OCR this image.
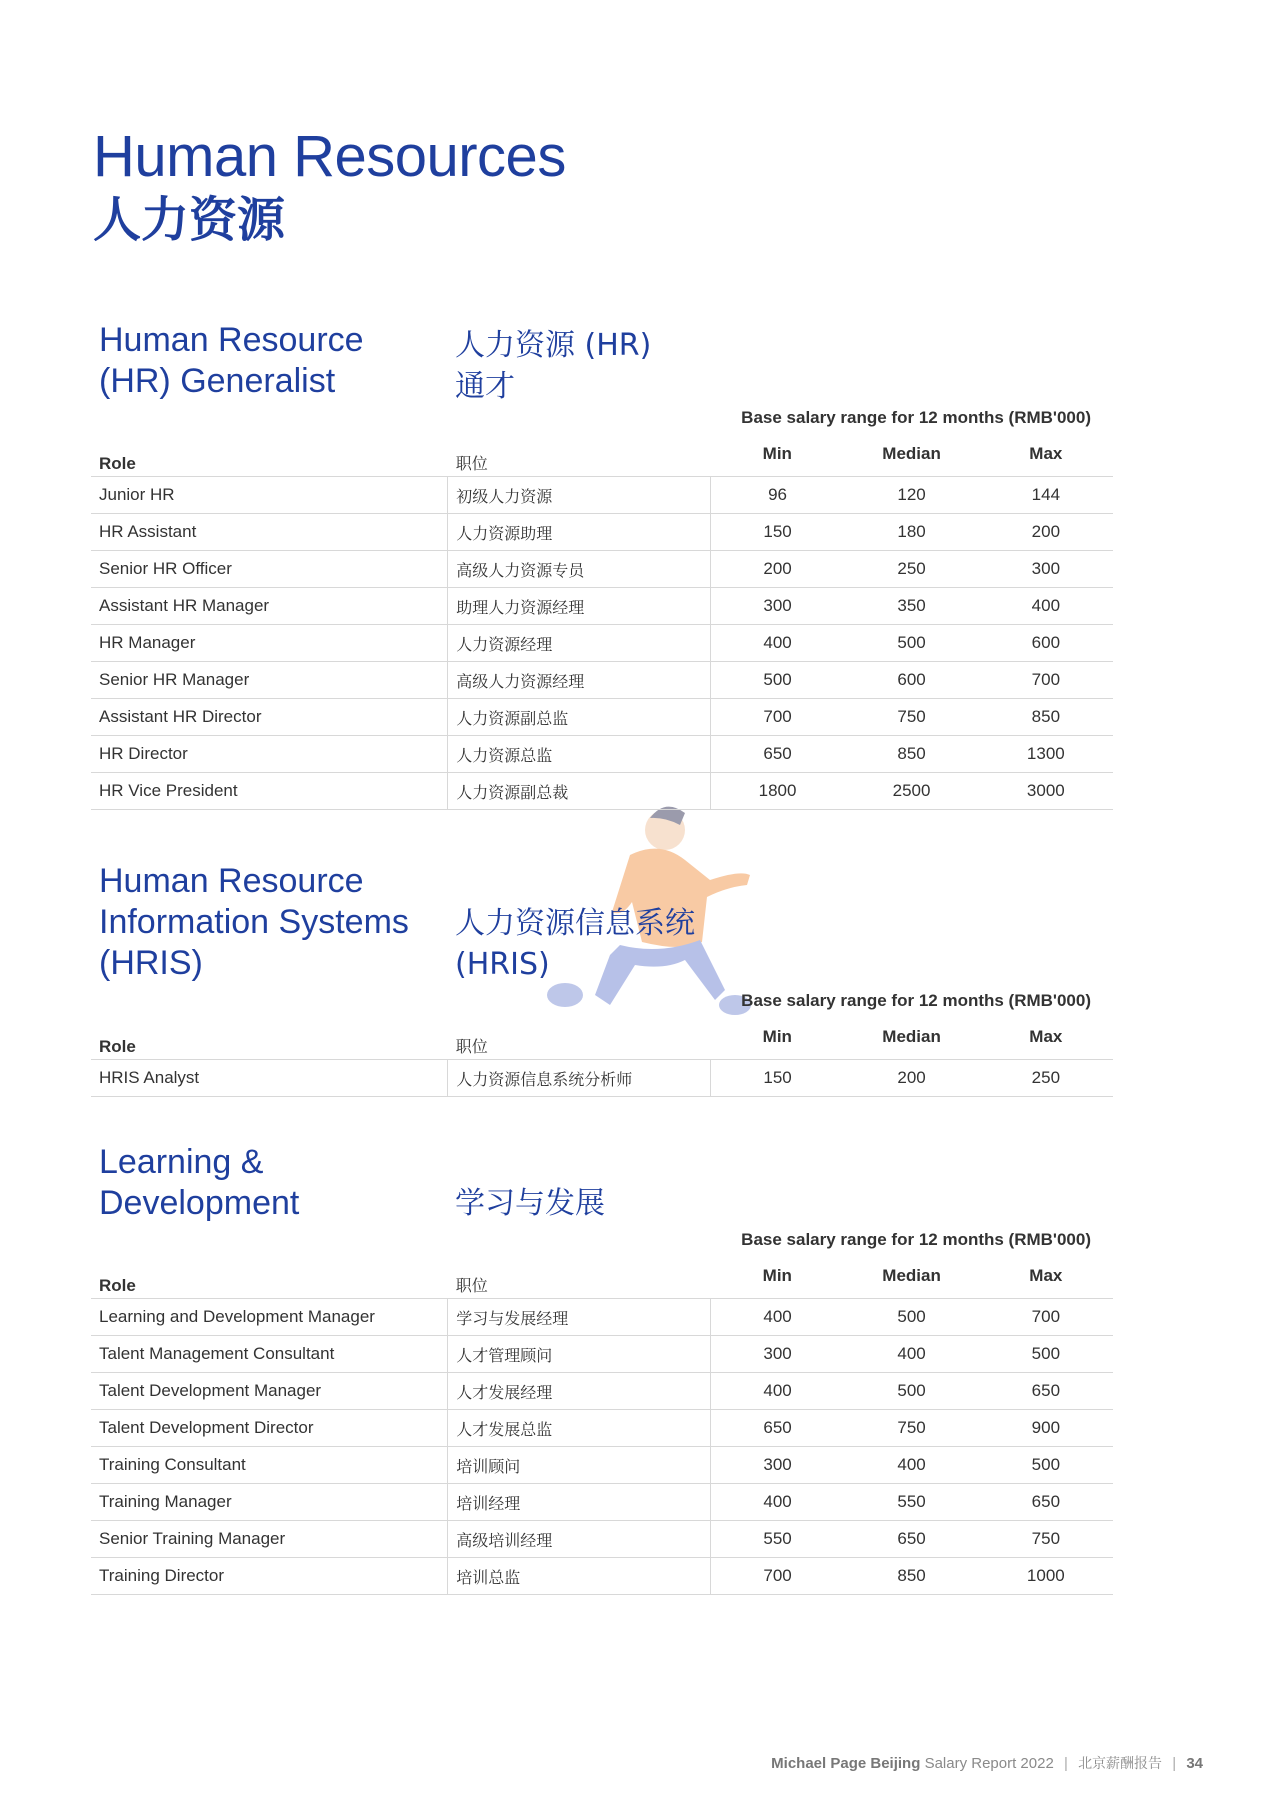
Human Resources
人力资源
Human Resource (HR) Generalist
人力资源 (HR)
通才
Base salary range for 12 months (RMB'000)
Role	职位	Min	Median	Max
Junior HR	初级人力资源	96	120	144
HR Assistant	人力资源助理	150	180	200
Senior HR Officer	高级人力资源专员	200	250	300
Assistant HR Manager	助理人力资源经理	300	350	400
HR Manager	人力资源经理	400	500	600
Senior HR Manager	高级人力资源经理	500	600	700
Assistant HR Director	人力资源副总监	700	750	850
HR Director	人力资源总监	650	850	1300
HR Vice President	人力资源副总裁	1800	2500	3000
Human Resource Information Systems (HRIS)
人力资源信息系统
(HRIS)
Base salary range for 12 months (RMB'000)
Role	职位	Min	Median	Max
HRIS Analyst	人力资源信息系统分析师	150	200	250
Learning & Development	学习与发展
Base salary range for 12 months (RMB'000)
Role	职位	Min	Median	Max
Learning and Development Manager	学习与发展经理	400	500	700
Talent Management Consultant	人才管理顾问	300	400	500
Talent Development Manager	人才发展经理	400	500	650
Talent Development Director	人才发展总监	650	750	900
Training Consultant	培训顾问	300	400	500
Training Manager	培训经理	400	550	650
Senior Training Manager	高级培训经理	550	650	750
Training Director	培训总监	700	850	1000
Michael Page Beijing Salary Report 2022 | 北京薪酬报告 | 34
